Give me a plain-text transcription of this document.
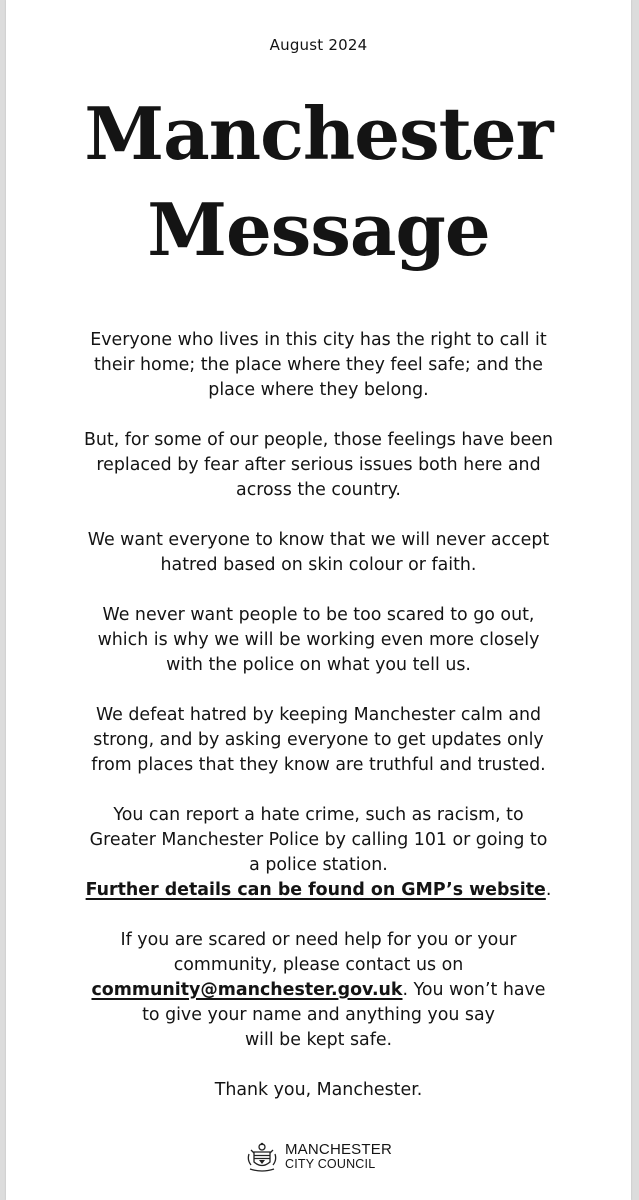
August 2024
Manchester
Message

Everyone who lives in this city has the right to call it
their home; the place where they feel safe; and the
place where they belong.

But, for some of our people, those feelings have been
replaced by fear after serious issues both here and
across the country.

We want everyone to know that we will never accept
hatred based on skin colour or faith.

We never want people to be too scared to go out,
which is why we will be working even more closely
with the police on what you tell us.

We defeat hatred by keeping Manchester calm and
strong, and by asking everyone to get updates only
from places that they know are truthful and trusted.

You can report a hate crime, such as racism, to
Greater Manchester Police by calling 101 or going to
a police station.
Further details can be found on GMP’s website.

If you are scared or need help for you or your
community, please contact us on
community@manchester.gov.uk. You won’t have
to give your name and anything you say
will be kept safe.

Thank you, Manchester.

MANCHESTER
CITY COUNCIL
